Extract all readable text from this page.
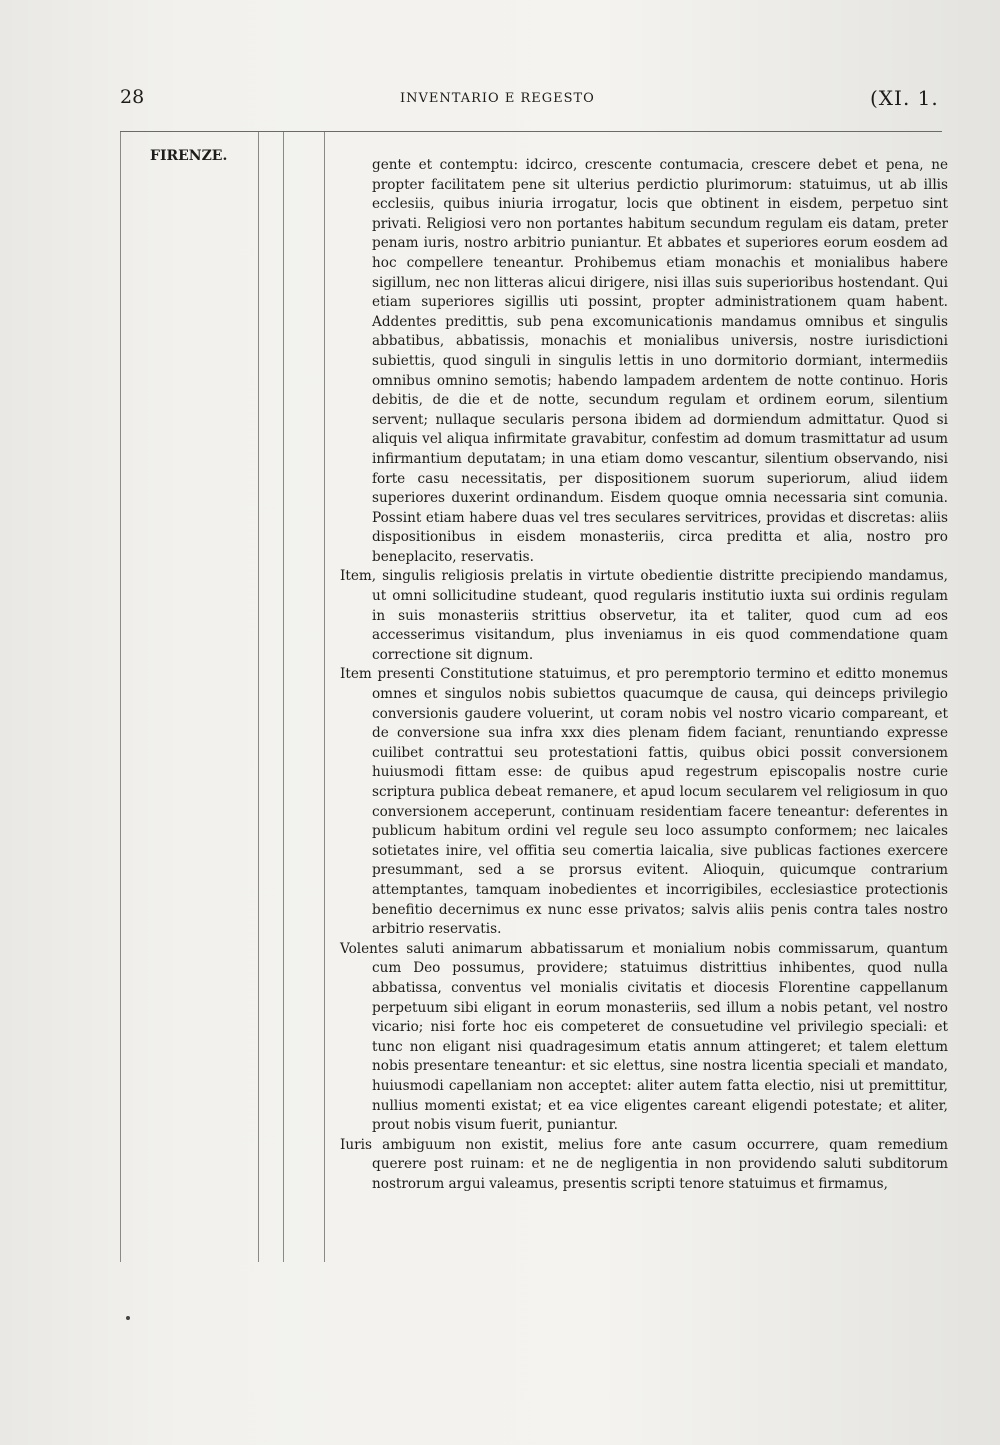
28	INVENTARIO E REGESTO	(XI. 1.
FIRENZE.

gente et contemptu: idcirco, crescente contumacia, crescere debet et pena, ne propter facilitatem pene sit ulterius perdictio plurimorum: statuimus, ut ab illis ecclesiis, quibus iniuria irrogatur, locis que obtinent in eisdem, perpetuo sint privati. Religiosi vero non portantes habitum secundum regulam eis datam, preter penam iuris, nostro arbitrio puniantur. Et abbates et superiores eorum eosdem ad hoc compellere teneantur. Prohibemus etiam monachis et monialibus habere sigillum, nec non litteras alicui dirigere, nisi illas suis superioribus hostendant. Qui etiam superiores sigillis uti possint, propter administrationem quam habent. Addentes predittis, sub pena excomunicationis mandamus omnibus et singulis abbatibus, abbatissis, monachis et monialibus universis, nostre iurisdictioni subiettis, quod singuli in singulis lettis in uno dormitorio dormiant, intermediis omnibus omnino semotis; habendo lampadem ardentem de notte continuo. Horis debitis, de die et de notte, secundum regulam et ordinem eorum, silentium servent; nullaque secularis persona ibidem ad dormiendum admittatur. Quod si aliquis vel aliqua infirmitate gravabitur, confestim ad domum trasmittatur ad usum infirmantium deputatam; in una etiam domo vescantur, silentium observando, nisi forte casu necessitatis, per dispositionem suorum superiorum, aliud iidem superiores duxerint ordinandum. Eisdem quoque omnia necessaria sint comunia. Possint etiam habere duas vel tres seculares servitrices, providas et discretas: aliis dispositionibus in eisdem monasteriis, circa preditta et alia, nostro pro beneplacito, reservatis.

Item, singulis religiosis prelatis in virtute obedientie distritte precipiendo mandamus, ut omni sollicitudine studeant, quod regularis institutio iuxta sui ordinis regulam in suis monasteriis strittius observetur, ita et taliter, quod cum ad eos accesserimus visitandum, plus inveniamus in eis quod commendatione quam correctione sit dignum.

Item presenti Constitutione statuimus, et pro peremptorio termino et editto monemus omnes et singulos nobis subiettos quacumque de causa, qui deinceps privilegio conversionis gaudere voluerint, ut coram nobis vel nostro vicario compareant, et de conversione sua infra xxx dies plenam fidem faciant, renuntiando expresse cuilibet contrattui seu protestationi fattis, quibus obici possit conversionem huiusmodi fittam esse: de quibus apud regestrum episcopalis nostre curie scriptura publica debeat remanere, et apud locum secularem vel religiosum in quo conversionem acceperunt, continuam residentiam facere teneantur: deferentes in publicum habitum ordini vel regule seu loco assumpto conformem; nec laicales sotietates inire, vel offitia seu comertia laicalia, sive publicas factiones exercere presummant, sed a se prorsus evitent. Alioquin, quicumque contrarium attemptantes, tamquam inobedientes et incorrigibiles, ecclesiastice protectionis benefitio decernimus ex nunc esse privatos; salvis aliis penis contra tales nostro arbitrio reservatis.

Volentes saluti animarum abbatissarum et monialium nobis commissarum, quantum cum Deo possumus, providere; statuimus distrittius inhibentes, quod nulla abbatissa, conventus vel monialis civitatis et diocesis Florentine cappellanum perpetuum sibi eligant in eorum monasteriis, sed illum a nobis petant, vel nostro vicario; nisi forte hoc eis competeret de consuetudine vel privilegio speciali: et tunc non eligant nisi quadragesimum etatis annum attingeret; et talem elettum nobis presentare teneantur: et sic elettus, sine nostra licentia speciali et mandato, huiusmodi capellaniam non acceptet: aliter autem fatta electio, nisi ut premittitur, nullius momenti existat; et ea vice eligentes careant eligendi potestate; et aliter, prout nobis visum fuerit, puniantur.

Iuris ambiguum non existit, melius fore ante casum occurrere, quam remedium querere post ruinam: et ne de negligentia in non providendo saluti subditorum nostrorum argui valeamus, presentis scripti tenore statuimus et firmamus,
